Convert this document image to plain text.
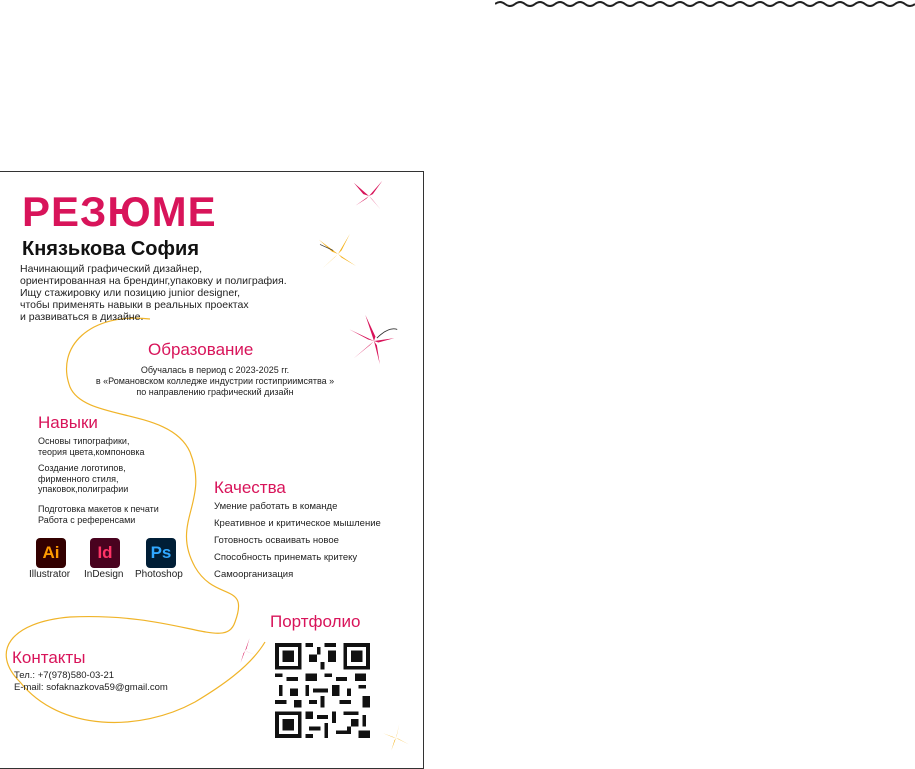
РЕЗЮМЕ
Князькова София
Начинающий графический дизайнер,
ориентированная на брендинг,упаковку и полиграфия.
Ищу стажировку или позицию junior designer,
чтобы применять навыки в реальных проектах
и развиваться в дизайне.
Образование
Обучалась в период с 2023-2025 гг.
в «Романовском колледже индустрии гостиприимсятва »
по направлению графический дизайн
Навыки
Основы типографики,
теория цвета,компоновка
Создание логотипов,
фирменного стиля,
упаковок,полиграфии
Подготовка макетов к печати
Работа с референсами
Ai	Id	Ps
Illustrator InDesign Photoshop
Качества
Умение работать в команде
Креативное и критическое мышление
Готовность осваивать новое
Способность принемать критеку
Самоорганизация
Портфолио
Контакты
Тел.: +7(978)580-03-21
E-mail: sofaknazkova59@gmail.com
